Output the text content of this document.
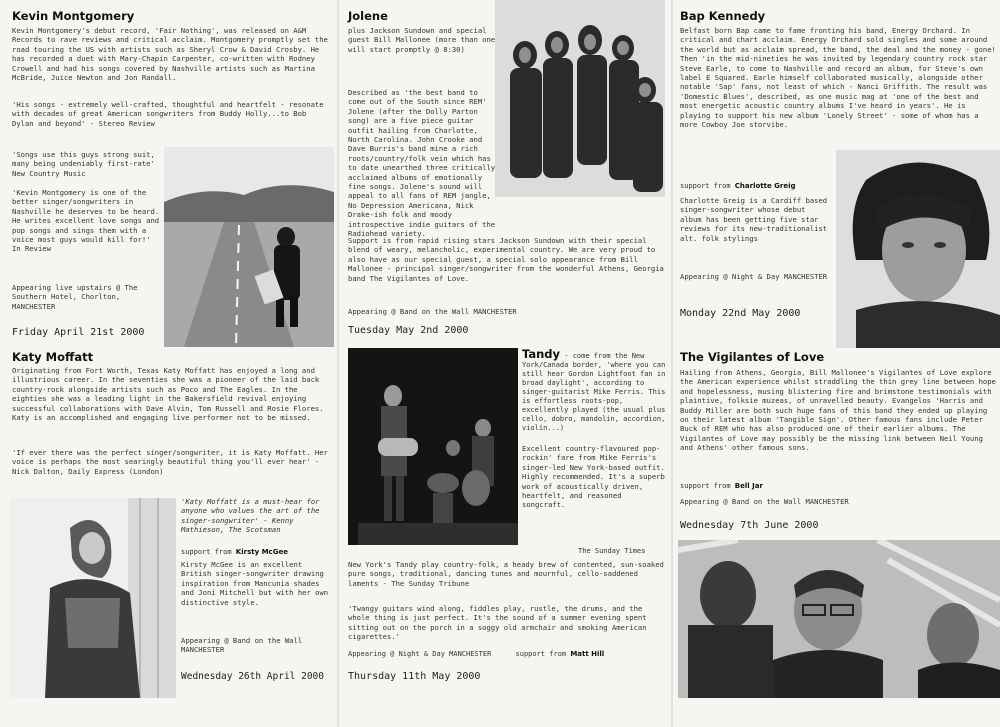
Kevin Montgomery

Kevin Montgomery's debut record, 'Fair Nothing', was released on A&M Records to rave reviews and critical acclaim. Montgomery promptly set the road touring the US with artists such as Sheryl Crow & David Crosby. He has recorded a duet with Mary-Chapin Carpenter, co-written with Rodney Crowell and had his songs covered by Nashville artists such as Martina McBride, Juice Newton and Jon Randall.

'His songs - extremely well-crafted, thoughtful and heartfelt - resonate with decades of great American songwriters from Buddy Holly...to Bob Dylan and beyond' - Stereo Review

'Songs use this guys strong suit, many being undeniably first-rate' New Country Music

'Kevin Montgomery is one of the better singer/songwriters in Nashville he deserves to be heard. He writes excellent love songs and pop songs and sings them with a voice most guys would kill for!' In Review

Appearing live upstairs @ The Southern Hotel, Chorlton, MANCHESTER

Friday April 21st 2000
Katy Moffatt

Originating from Fort Worth, Texas Katy Moffatt has enjoyed a long and illustrious career. In the seventies she was a pioneer of the laid back country-rock alongside artists such as Poco and The Eagles. In the eighties she was a leading light in the Bakersfield revival enjoying successful collaborations with Dave Alvin, Tom Russell and Rosie Flores. Katy is an accomplished and engaging live performer not to be missed.

'If ever there was the perfect singer/songwriter, it is Katy Moffatt. Her voice is perhaps the most searingly beautiful thing you'll ever hear' - Nick Dalton, Daily Express (London)

'Katy Moffatt is a must-hear for anyone who values the art of the singer-songwriter' - Kenny Mathieson, The Scotsman

support from Kirsty McGee

Kirsty McGee is an excellent British singer-songwriter drawing inspiration from Mancunia shades and Joni Mitchell but with her own distinctive style.

Appearing @ Band on the Wall MANCHESTER

Wednesday 26th April 2000
Jolene

plus Jackson Sundown and special guest Bill Mallonee (more than one will start promptly @ 8:30)

Described as 'the best band to come out of the South since REM' Jolene (after the Dolly Parton song) are a five piece guitar outfit hailing from Charlotte, North Carolina. John Crooke and Dave Burris's band mine a rich roots/country/folk vein which has to date unearthed three critically acclaimed albums of emotionally fine songs. Jolene's sound will appeal to all fans of REM jangle, No Depression Americana, Nick Drake-ish folk and moody introspective indie guitars of the Radiohead variety.

Support is from rapid rising stars Jackson Sundown with their special blend of weary, melancholic, experimental country. We are very proud to also have as our special guest, a special solo appearance from Bill Mallonee - principal singer/songwriter from the wonderful Athens, Georgia band The Vigilantes of Love.

Appearing @ Band on the Wall MANCHESTER

Tuesday May 2nd 2000
Tandy - come from the New York/Canada border, 'where you can still hear Gordon Lightfoot fan in broad daylight', according to singer-guitarist Mike Ferris. This is effortless roots-pop, excellently played (the usual plus cello, dobro, mandolin, accordion, violin...)

Excellent country-flavoured pop-rockin' fare from Mike Ferris's singer-led New York-based outfit. Highly recommended. It's a superb work of acoustically driven, heartfelt, and reasoned songcraft.

The Sunday Times

New York's Tandy play country-folk, a heady brew of contented, sun-soaked pure songs, traditional, dancing tunes and mournful, cello-saddened laments - The Sunday Tribune

'Twangy guitars wind along, fiddles play, rustle, the drums, and the whole thing is just perfect. It's the sound of a summer evening spent sitting out on the porch in a soggy old armchair and smoking American cigarettes.'

Appearing @ Night & Day MANCHESTER	support from Matt Hill
Thursday 11th May 2000
Bap Kennedy

Belfast born Bap came to fame fronting his band, Energy Orchard. In critical and chart acclaim. Energy Orchard sold singles and some around the world but as acclaim spread, the band, the deal and the money - gone! Then 'in the mid-nineties he was invited by legendary country rock star Steve Earle, to come to Nashville and record an album, for Steve's own label E Squared. Earle himself collaborated musically, alongside other notable 'Sap' fans, not least of which - Nanci Griffith. The result was 'Domestic Blues', described, as one music mag at 'one of the best and most energetic acoustic country albums I've heard in years'. He is playing to support his new album 'Lonely Street' - some of whom has a more Cowboy Joe storvibe.

support from Charlotte Greig

Charlotte Greig is a Cardiff based singer-songwriter whose debut album has been getting five star reviews for its new-traditionalist alt. folk stylings

Appearing @ Night & Day MANCHESTER

Monday 22nd May 2000
The Vigilantes of Love

Hailing from Athens, Georgia, Bill Mallonee's Vigilantes of Love explore the American experience whilst straddling the thin grey line between hope and hopelessness, musing blistering fire and brimstone testimonials with plaintive, folksie muzeas, of unravelled beauty. Evangelos 'Harris and Buddy Miller are both such huge fans of this band they ended up playing on their latest album 'Tangible Sign'. Other famous fans include Peter Buck of REM who has also produced one of their earlier albums. The Vigilantes of Love may possibly be the missing link between Neil Young and Athens' other famous sons.

support from Bell Jar

Appearing @ Band on the Wall MANCHESTER

Wednesday 7th June 2000
